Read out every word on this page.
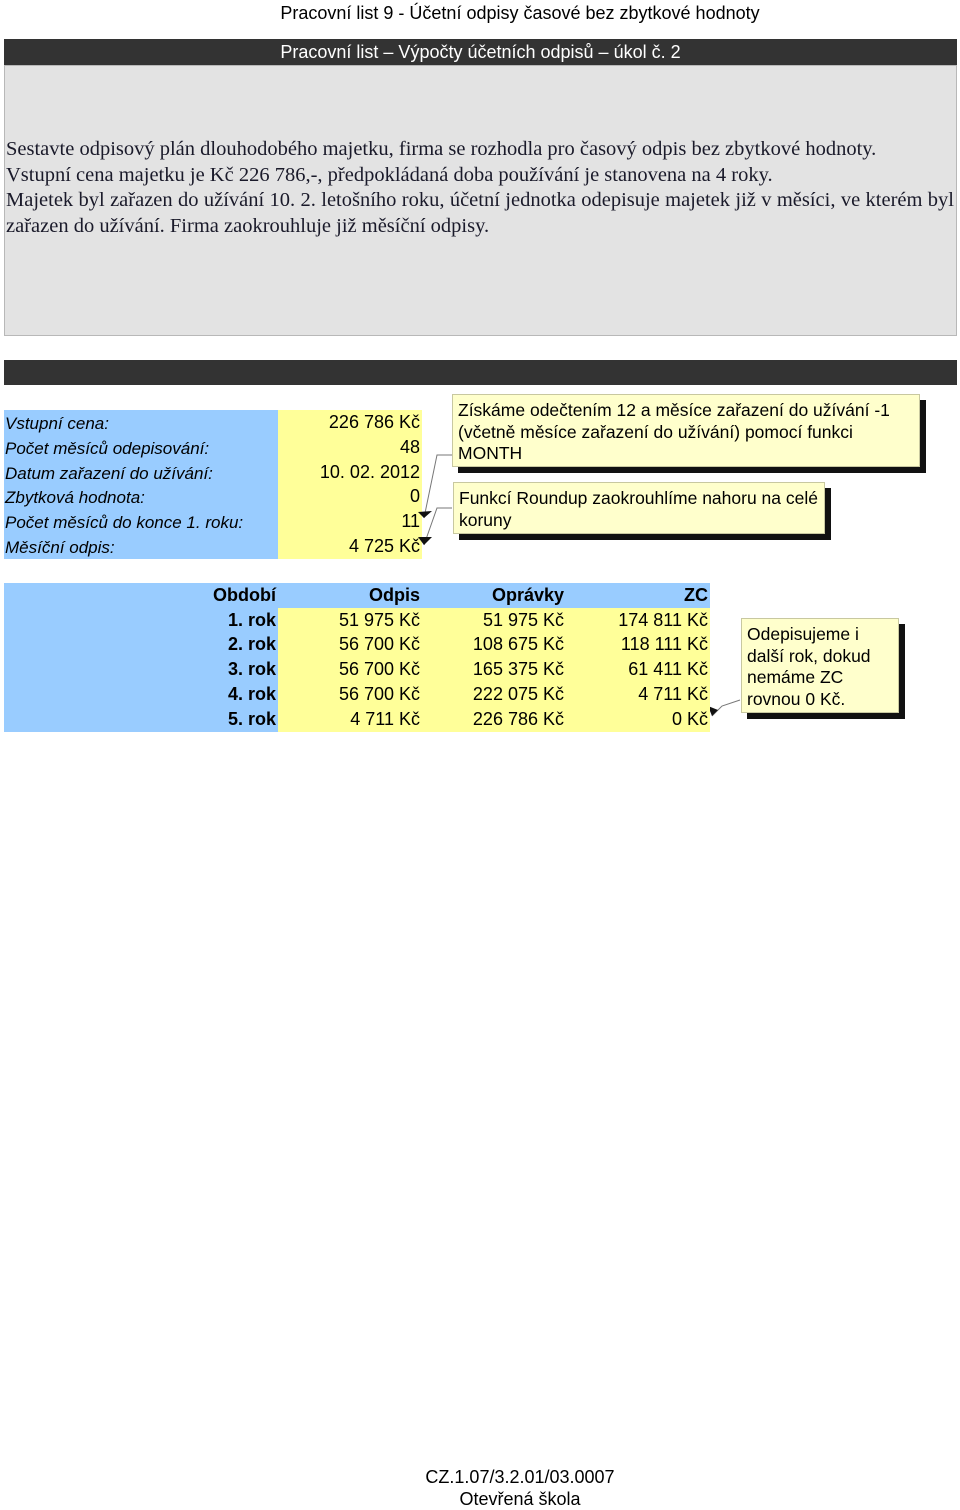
Pracovní list 9 - Účetní odpisy časové bez zbytkové hodnoty
Pracovní list – Výpočty účetních odpisů – úkol č. 2

Sestavte odpisový plán dlouhodobého majetku, firma se rozhodla pro časový odpis bez zbytkové hodnoty.

Vstupní cena majetku je Kč 226 786,-, předpokládaná doba používání je stanovena na 4 roky.

Majetek byl zařazen do užívání 10. 2. letošního roku, účetní jednotka odepisuje majetek již v měsíci, ve kterém byl zařazen do užívání. Firma zaokrouhluje již měsíční odpisy.

Vstupní cena:	226 786 Kč
Počet měsíců odepisování:	48
Datum zařazení do užívání:	10. 02. 2012
Zbytková hodnota:	0
Počet měsíců do konce 1. roku:	11
Měsíční odpis:	4 725 Kč

Získáme odečtením 12 a měsíce zařazení do užívání -1 (včetně měsíce zařazení do užívání) pomocí funkci MONTH

Funkcí Roundup zaokrouhlíme nahoru na celé koruny

Odepisujeme i další rok, dokud nemáme ZC rovnou 0 Kč.

Období	Odpis	Oprávky	ZC
1. rok	51 975 Kč	51 975 Kč	174 811 Kč
2. rok	56 700 Kč	108 675 Kč	118 111 Kč
3. rok	56 700 Kč	165 375 Kč	61 411 Kč
4. rok	56 700 Kč	222 075 Kč	4 711 Kč
5. rok	4 711 Kč	226 786 Kč	0 Kč
CZ.1.07/3.2.01/03.0007
Otevřená škola
